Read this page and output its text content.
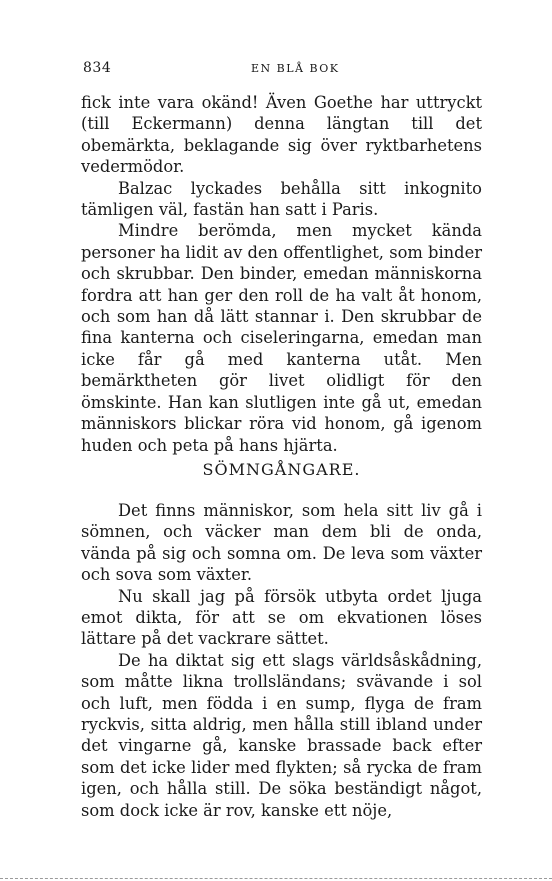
834	EN BLÅ BOK

fick inte vara okänd! Även Goethe har uttryckt (till Eckermann) denna längtan till det obemärkta, beklagande sig över ryktbarhetens vedermödor.

Balzac lyckades behålla sitt inkognito tämligen väl, fastän han satt i Paris.

Mindre berömda, men mycket kända personer ha lidit av den offentlighet, som binder och skrubbar. Den binder, emedan människorna fordra att han ger den roll de ha valt åt honom, och som han då lätt stannar i. Den skrubbar de fina kanterna och ciseleringarna, emedan man icke får gå med kanterna utåt. Men bemärktheten gör livet olidligt för den ömskinte. Han kan slutligen inte gå ut, emedan människors blickar röra vid honom, gå igenom huden och peta på hans hjärta.

SÖMNGÅNGARE.

Det finns människor, som hela sitt liv gå i sömnen, och väcker man dem bli de onda, vända på sig och somna om. De leva som växter och sova som växter.

Nu skall jag på försök utbyta ordet ljuga emot dikta, för att se om ekvationen löses lättare på det vackrare sättet.

De ha diktat sig ett slags världsåskådning, som måtte likna trollsländans; svävande i sol och luft, men födda i en sump, flyga de fram ryckvis, sitta aldrig, men hålla still ibland under det vingarne gå, kanske brassade back efter som det icke lider med flykten; så rycka de fram igen, och hålla still. De söka beständigt något, som dock icke är rov, kanske ett nöje,
